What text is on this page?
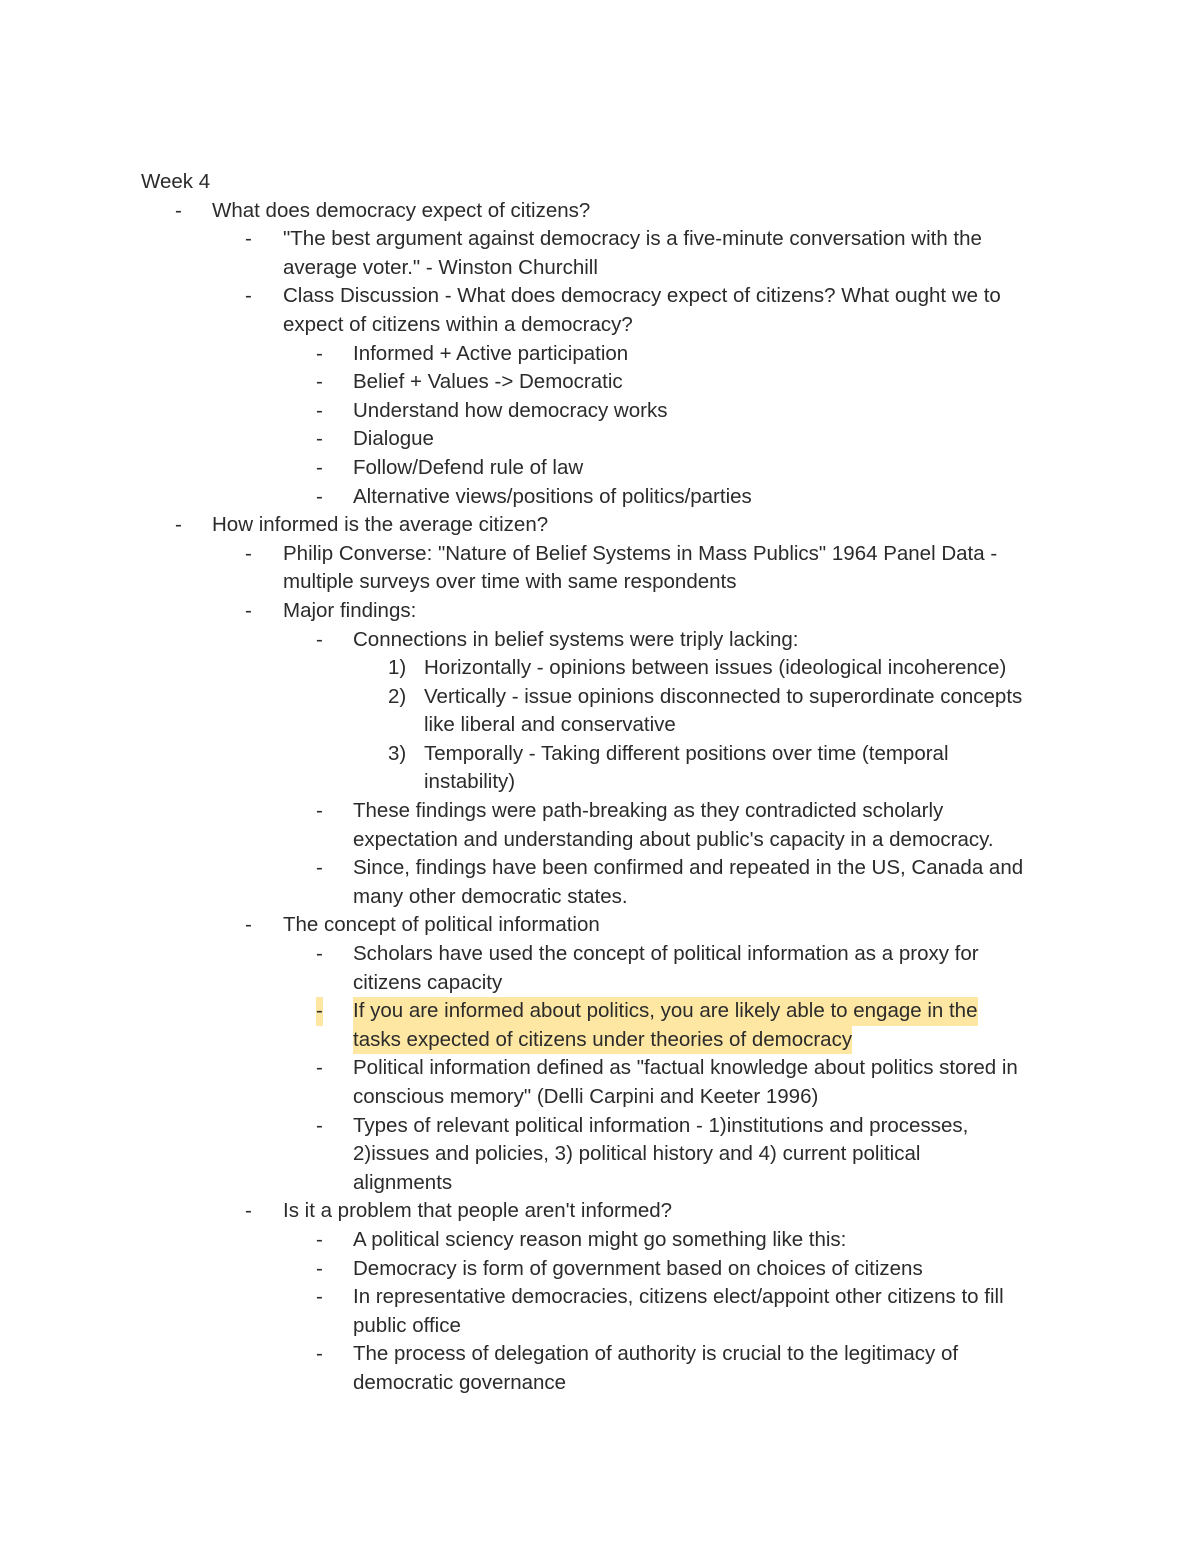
Week 4
- What does democracy expect of citizens?
- "The best argument against democracy is a five-minute conversation with the
average voter." - Winston Churchill
- Class Discussion - What does democracy expect of citizens? What ought we to
expect of citizens within a democracy?
- Informed + Active participation
- Belief + Values -> Democratic
- Understand how democracy works
- Dialogue
- Follow/Defend rule of law
- Alternative views/positions of politics/parties
- How informed is the average citizen?
- Philip Converse: "Nature of Belief Systems in Mass Publics" 1964 Panel Data -
multiple surveys over time with same respondents
- Major findings:
- Connections in belief systems were triply lacking:
1) Horizontally - opinions between issues (ideological incoherence)
2) Vertically - issue opinions disconnected to superordinate concepts
like liberal and conservative
3) Temporally - Taking different positions over time (temporal
instability)
- These findings were path-breaking as they contradicted scholarly
expectation and understanding about public's capacity in a democracy.
- Since, findings have been confirmed and repeated in the US, Canada and
many other democratic states.
- The concept of political information
- Scholars have used the concept of political information as a proxy for
citizens capacity
- If you are informed about politics, you are likely able to engage in the
tasks expected of citizens under theories of democracy
- Political information defined as "factual knowledge about politics stored in
conscious memory" (Delli Carpini and Keeter 1996)
- Types of relevant political information - 1)institutions and processes,
2)issues and policies, 3) political history and 4) current political
alignments
- Is it a problem that people aren't informed?
- A political sciency reason might go something like this:
- Democracy is form of government based on choices of citizens
- In representative democracies, citizens elect/appoint other citizens to fill
public office
- The process of delegation of authority is crucial to the legitimacy of
democratic governance
